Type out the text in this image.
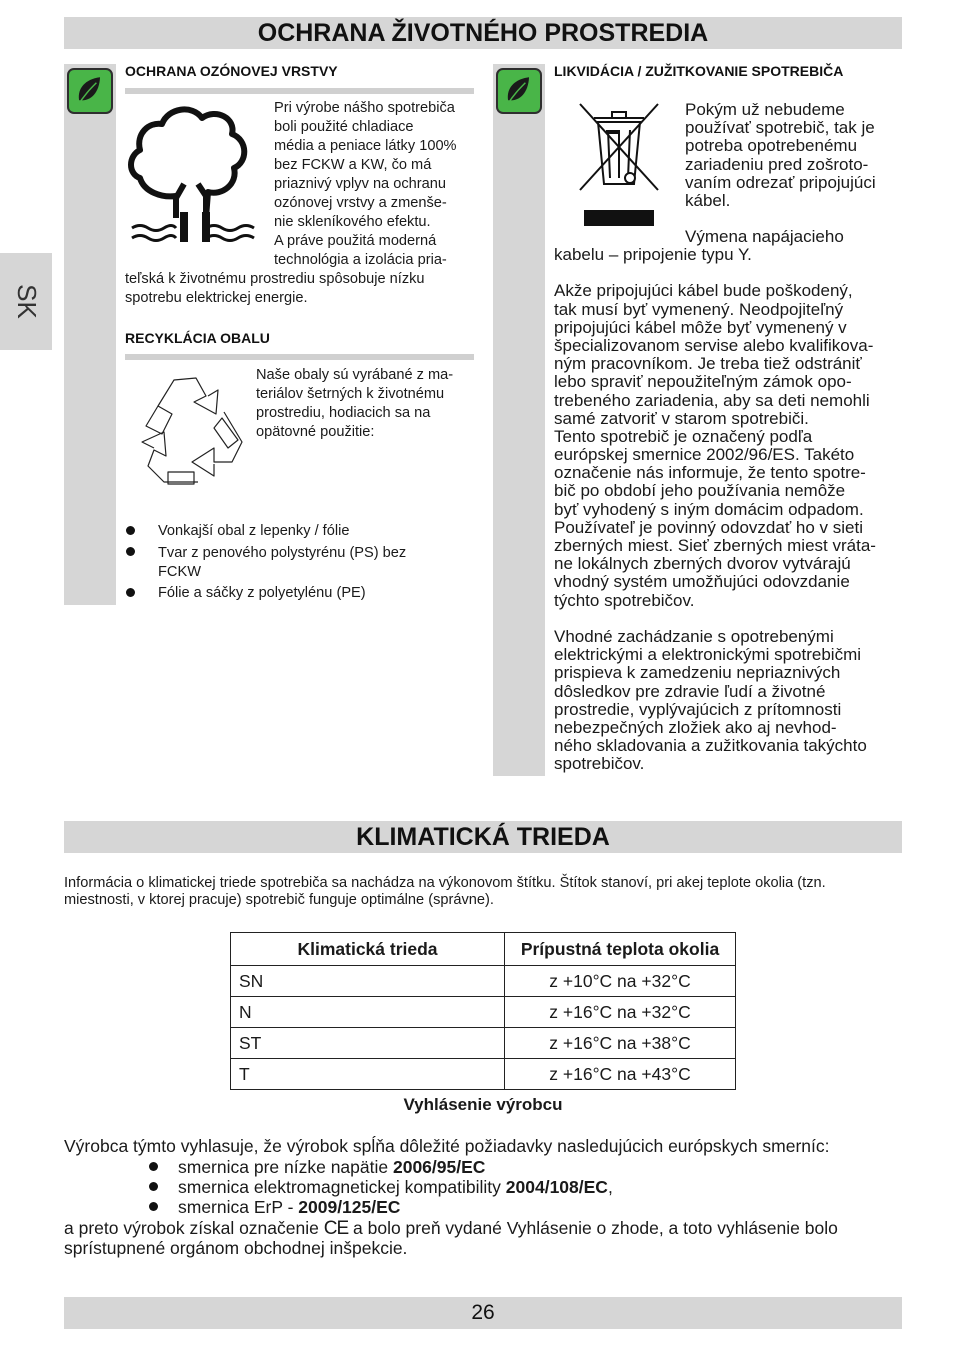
SK
OCHRANA ŽIVOTNÉHO PROSTREDIA
OCHRANA OZÓNOVEJ VRSTVY
Pri výrobe nášho spotrebiča
boli použité chladiace
média a peniace látky 100%
bez FCKW a KW, čo má
priaznivý vplyv na ochranu
ozónovej vrstvy a zmenše-
nie skleníkového efektu.
A práve použitá moderná
technológia a izolácia pria-
teľská k životnému prostrediu spôsobuje nízku
spotrebu elektrickej energie.
RECYKLÁCIA OBALU
Naše obaly sú vyrábané z ma-
teriálov šetrných k životnému
prostrediu, hodiacich sa na
opätovné použitie:
Vonkajší obal z lepenky / fólie
Tvar z penového polystyrénu (PS) bez
FCKW
Fólie a sáčky z polyetylénu (PE)
LIKVIDÁCIA / ZUŽITKOVANIE SPOTREBIČA
Pokým už nebudeme
používať spotrebič, tak je
potreba opotrebenému
zariadeniu pred zošroto-
vaním odrezať pripojujúci
kábel.
Výmena napájacieho
kabelu – pripojenie typu Y.
Akže pripojujúci kábel bude poškodený,
tak musí byť vymenený. Neodpojiteľný
pripojujúci kábel môže byť vymenený v
špecializovanom servise alebo kvalifikova-
ným pracovníkom. Je treba tiež odstrániť
lebo spraviť nepoužiteľným zámok opo-
trebeného zariadenia, aby sa deti nemohli
samé zatvoriť v starom spotrebiči.
Tento spotrebič je označený podľa
európskej smernice 2002/96/ES. Takéto
označenie nás informuje, že tento spotre-
bič po období jeho používania nemôže
byť vyhodený s iným domácim odpadom.
Používateľ je povinný odovzdať ho v sieti
zberných miest. Sieť zberných miest vráta-
ne lokálnych zberných dvorov vytvárajú
vhodný systém umožňujúci odovzdanie
týchto spotrebičov.
Vhodné zachádzanie s opotrebenými
elektrickými a elektronickými spotrebičmi
prispieva k zamedzeniu nepriaznivých
dôsledkov pre zdravie ľudí a životné
prostredie, vyplývajúcich z prítomnosti
nebezpečných zložiek ako aj nevhod-
ného skladovania a zužitkovania takýchto
spotrebičov.
KLIMATICKÁ TRIEDA
Informácia o klimatickej triede spotrebiča sa nachádza na výkonovom štítku. Štítok stanoví, pri akej teplote okolia (tzn.
miestnosti, v ktorej pracuje) spotrebič funguje optimálne (správne).
Klimatická trieda	Prípustná teplota okolia
SN	z +10°C na +32°C
N	z +16°C na +32°C
ST	z +16°C na +38°C
T	z +16°C na +43°C
Vyhlásenie výrobcu
Výrobca týmto vyhlasuje, že výrobok spĺňa dôležité požiadavky nasledujúcich európskych smerníc:
smernica pre nízke napätie 2006/95/EC
smernica elektromagnetickej kompatibility 2004/108/EC,
smernica ErP - 2009/125/EC
a preto výrobok získal označenie CE a bolo preň vydané Vyhlásenie o zhode, a toto vyhlásenie bolo
sprístupnené orgánom obchodnej inšpekcie.
26
